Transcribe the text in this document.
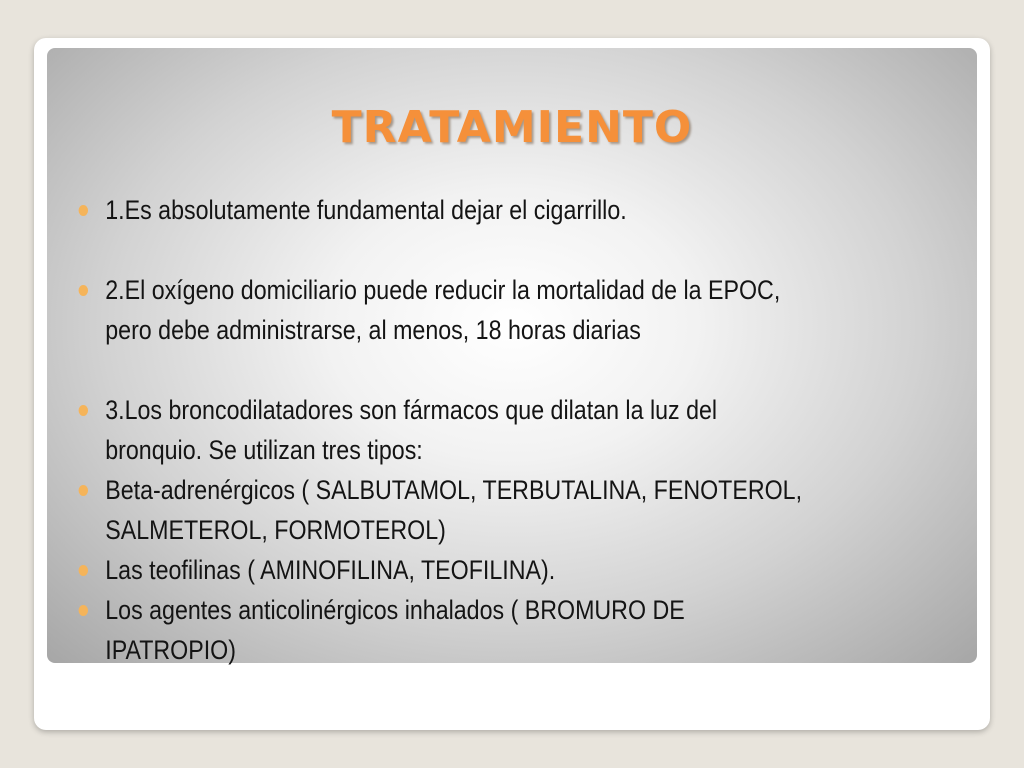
TRATAMIENTO

1.Es absolutamente fundamental dejar el cigarrillo.

2.El oxígeno domiciliario puede reducir la mortalidad de la EPOC, pero debe administrarse, al menos, 18 horas diarias

3.Los broncodilatadores son fármacos que dilatan la luz del bronquio. Se utilizan tres tipos:

Beta-adrenérgicos ( SALBUTAMOL, TERBUTALINA, FENOTEROL, SALMETEROL, FORMOTEROL)

Las teofilinas ( AMINOFILINA, TEOFILINA).

Los agentes anticolinérgicos inhalados ( BROMURO DE IPATROPIO)
